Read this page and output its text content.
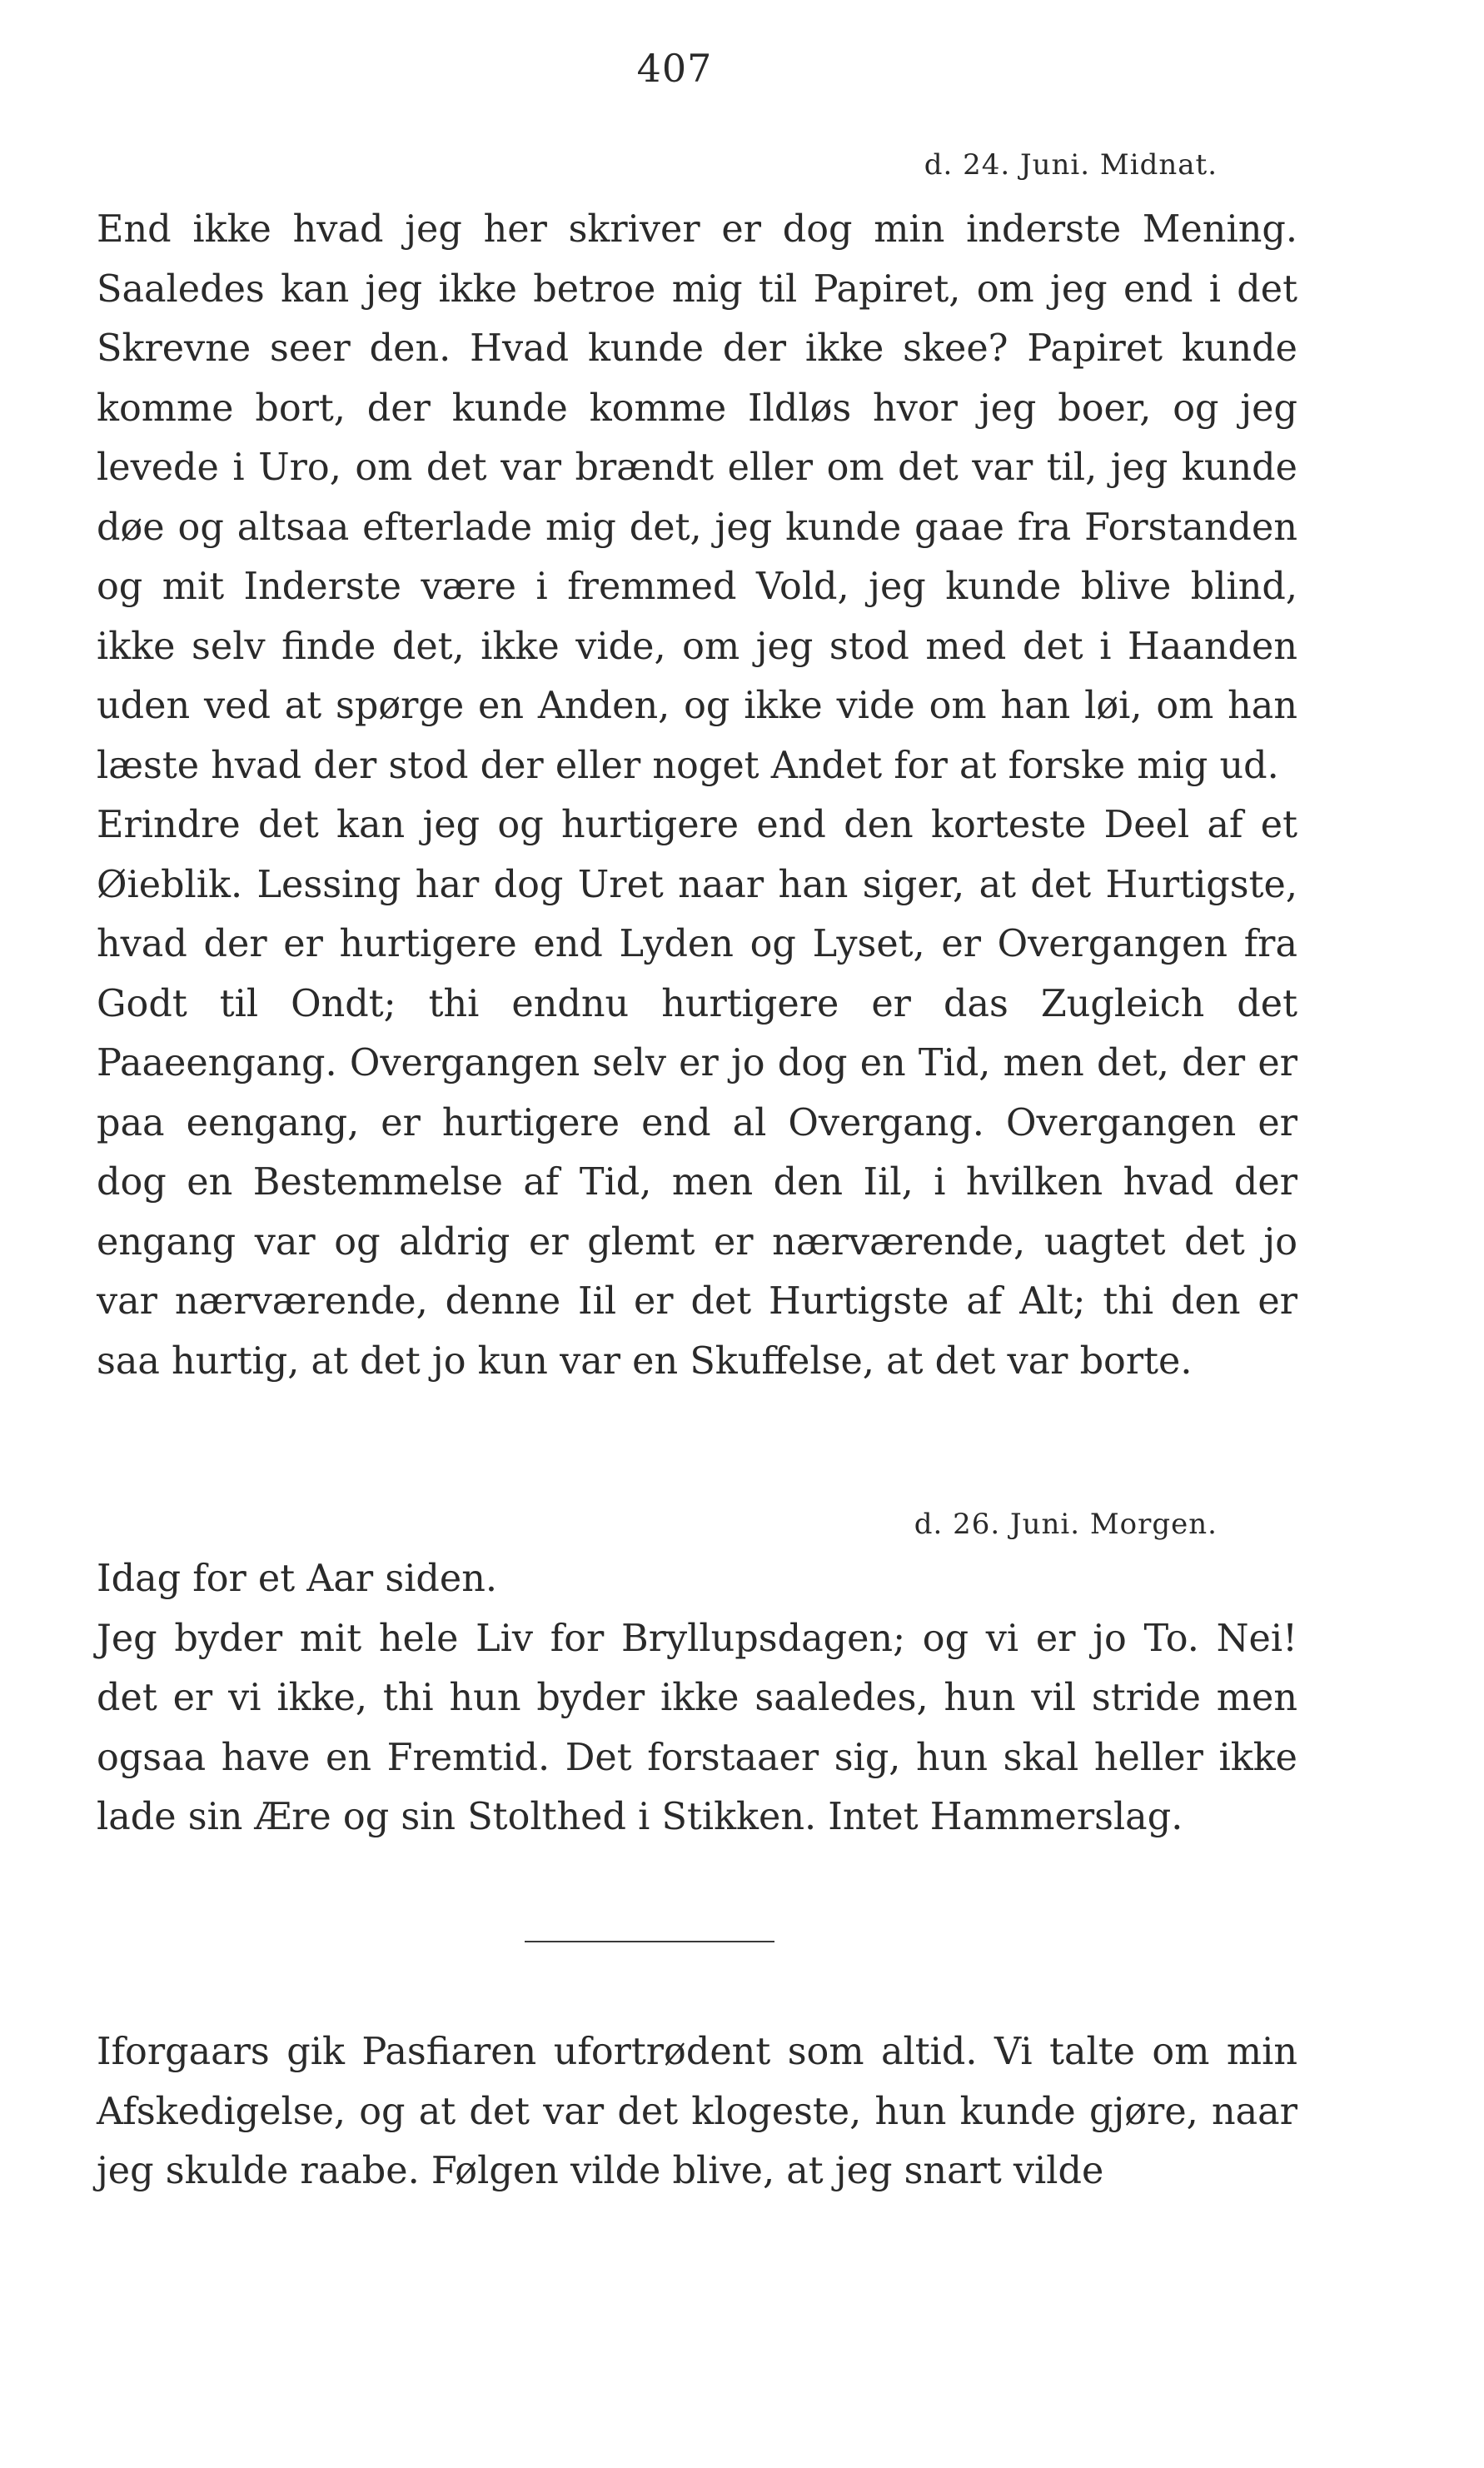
407
d. 24. Juni. Midnat.

End ikke hvad jeg her skriver er dog min inderste Mening. Saaledes kan jeg ikke betroe mig til Papiret, om jeg end i det Skrevne seer den. Hvad kunde der ikke skee? Papiret kunde komme bort, der kunde komme Ildløs hvor jeg boer, og jeg levede i Uro, om det var brændt eller om det var til, jeg kunde døe og altsaa efterlade mig det, jeg kunde gaae fra Forstanden og mit Inderste være i fremmed Vold, jeg kunde blive blind, ikke selv finde det, ikke vide, om jeg stod med det i Haanden uden ved at spørge en Anden, og ikke vide om han løi, om han læste hvad der stod der eller noget Andet for at forske mig ud.

Erindre det kan jeg og hurtigere end den korteste Deel af et Øieblik. Lessing har dog Uret naar han siger, at det Hurtigste, hvad der er hurtigere end Lyden og Lyset, er Overgangen fra Godt til Ondt; thi endnu hurtigere er das Zugleich det Paaeengang. Overgangen selv er jo dog en Tid, men det, der er paa eengang, er hurtigere end al Overgang. Overgangen er dog en Bestemmelse af Tid, men den Iil, i hvilken hvad der engang var og aldrig er glemt er nærværende, uagtet det jo var nærværende, denne Iil er det Hurtigste af Alt; thi den er saa hurtig, at det jo kun var en Skuffelse, at det var borte.

d. 26. Juni. Morgen.

Idag for et Aar siden.

Jeg byder mit hele Liv for Bryllupsdagen; og vi er jo To. Nei! det er vi ikke, thi hun byder ikke saaledes, hun vil stride men ogsaa have en Fremtid. Det forstaaer sig, hun skal heller ikke lade sin Ære og sin Stolthed i Stikken. Intet Hammerslag.

Iforgaars gik Pasfiaren ufortrødent som altid. Vi talte om min Afskedigelse, og at det var det klogeste, hun kunde gjøre, naar jeg skulde raabe. Følgen vilde blive, at jeg snart vilde
